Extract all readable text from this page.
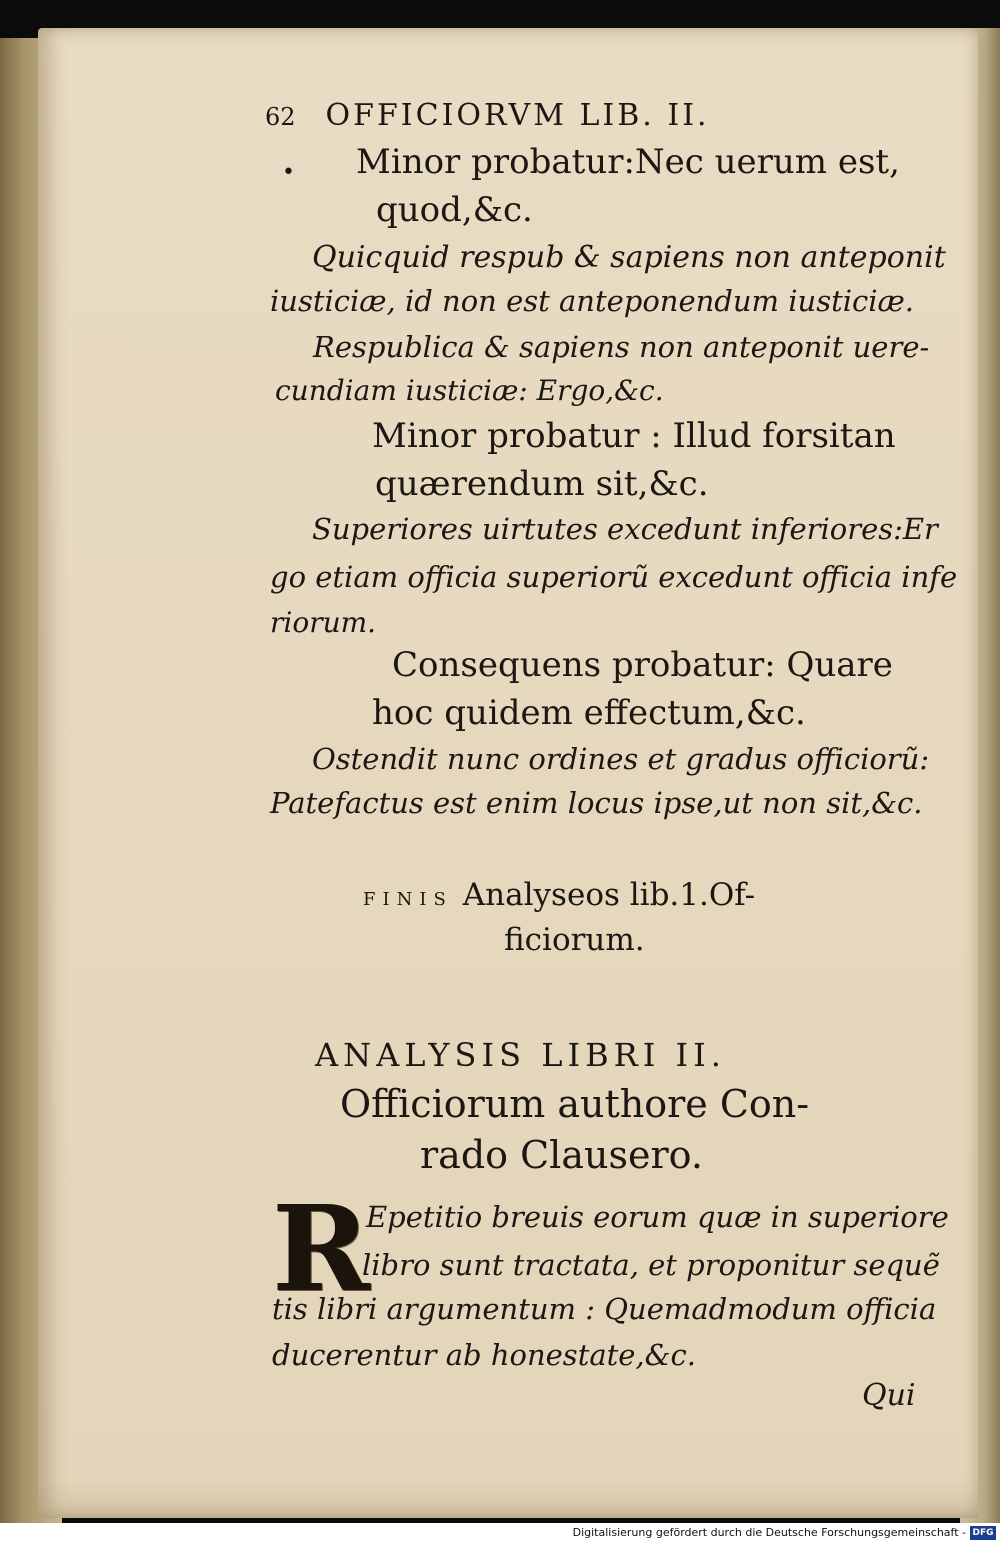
62 OFFICIORVM LIB. II.
• Minor probatur:Nec uerum est,
quod,&c.
Quicquid respub & sapiens non anteponit
iusticiæ, id non est anteponendum iusticiæ.
Respublica & sapiens non anteponit uere-
cundiam iusticiæ: Ergo,&c.
Minor probatur : Illud forsitan
quærendum sit,&c.
Superiores uirtutes excedunt inferiores:Er
go etiam officia superiorũ excedunt officia infe
riorum.
Consequens probatur: Quare
hoc quidem effectum,&c.
Ostendit nunc ordines et gradus officiorũ:
Patefactus est enim locus ipse,ut non sit,&c.
FINIS Analyseos lib.1.Of-
ficiorum.
ANALYSIS LIBRI II.
Officiorum authore Con-
rado Clausero.
R
Epetitio breuis eorum quæ in superiore
libro sunt tractata, et proponitur sequẽ
tis libri argumentum : Quemadmodum officia
ducerentur ab honestate,&c.
Qui
Digitalisierung gefördert durch die Deutsche Forschungsgemeinschaft - DFG
